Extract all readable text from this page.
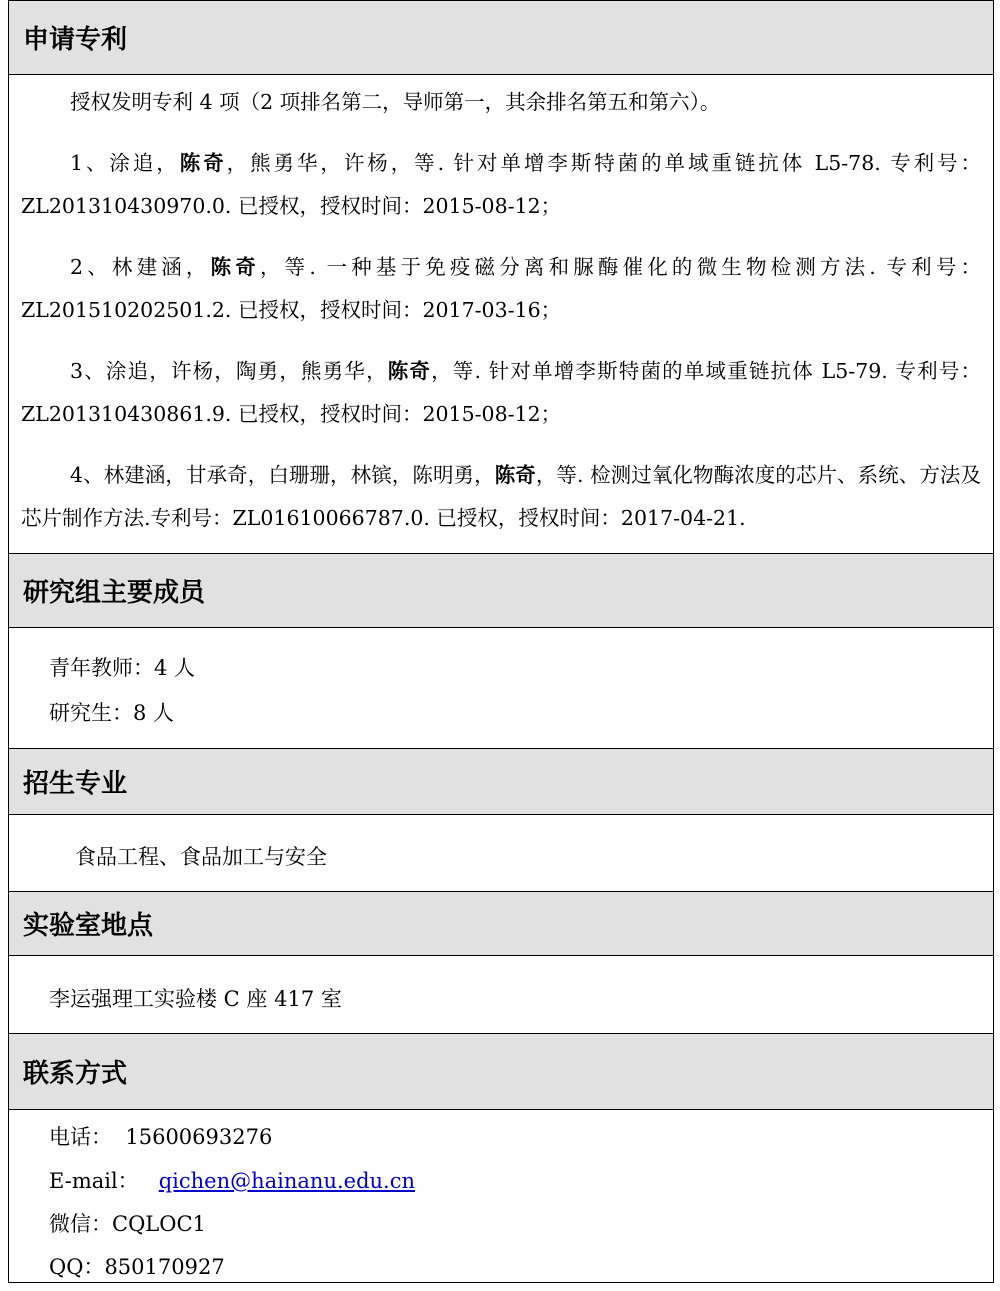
申请专利

授权发明专利 4 项（2 项排名第二，导师第一，其余排名第五和第六）。

1、涂追，陈奇，熊勇华，许杨，等. 针对单增李斯特菌的单域重链抗体 L5-78. 专利号：ZL201310430970.0. 已授权，授权时间：2015-08-12；

2、林建涵，陈奇，等. 一种基于免疫磁分离和脲酶催化的微生物检测方法. 专利号：ZL201510202501.2. 已授权，授权时间：2017-03-16；

3、涂追，许杨，陶勇，熊勇华，陈奇，等. 针对单增李斯特菌的单域重链抗体 L5-79. 专利号：ZL201310430861.9. 已授权，授权时间：2015-08-12；

4、林建涵，甘承奇，白珊珊，林镔，陈明勇，陈奇，等. 检测过氧化物酶浓度的芯片、系统、方法及芯片制作方法.专利号：ZL01610066787.0. 已授权，授权时间：2017-04-21.

研究组主要成员
青年教师：4 人
研究生：8 人
招生专业
食品工程、食品加工与安全
实验室地点
李运强理工实验楼 C 座 417 室
联系方式
电话： 15600693276
E-mail： qichen@hainanu.edu.cn
微信：CQLOC1
QQ：850170927
